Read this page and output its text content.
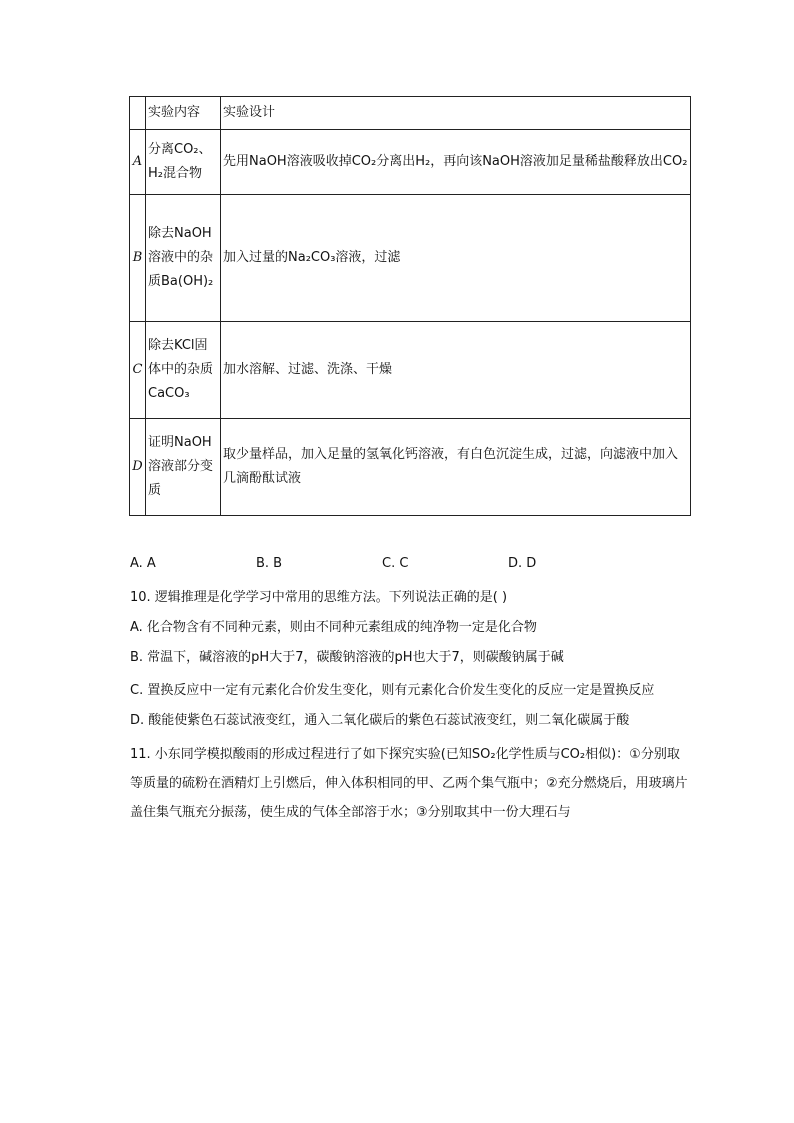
	实验内容	实验设计
A	分离CO₂、H₂混合物	先用NaOH溶液吸收掉CO₂分离出H₂，再向该NaOH溶液加足量稀盐酸释放出CO₂
B	除去NaOH溶液中的杂质Ba(OH)₂	加入过量的Na₂CO₃溶液，过滤
C	除去KCl固体中的杂质CaCO₃	加水溶解、过滤、洗涤、干燥
D	证明NaOH溶液部分变质	取少量样品，加入足量的氢氧化钙溶液，有白色沉淀生成，过滤，向滤液中加入几滴酚酞试液
A. A	B. B	C. C	D. D
10. 逻辑推理是化学学习中常用的思维方法。下列说法正确的是( )
A. 化合物含有不同种元素，则由不同种元素组成的纯净物一定是化合物
B. 常温下，碱溶液的pH大于7，碳酸钠溶液的pH也大于7，则碳酸钠属于碱
C. 置换反应中一定有元素化合价发生变化，则有元素化合价发生变化的反应一定是置换反应
D. 酸能使紫色石蕊试液变红，通入二氧化碳后的紫色石蕊试液变红，则二氧化碳属于酸
11. 小东同学模拟酸雨的形成过程进行了如下探究实验(已知SO₂化学性质与CO₂相似)：①分别取等质量的硫粉在酒精灯上引燃后，伸入体积相同的甲、乙两个集气瓶中；②充分燃烧后，用玻璃片盖住集气瓶充分振荡，使生成的气体全部溶于水；③分别取其中一份大理石与
